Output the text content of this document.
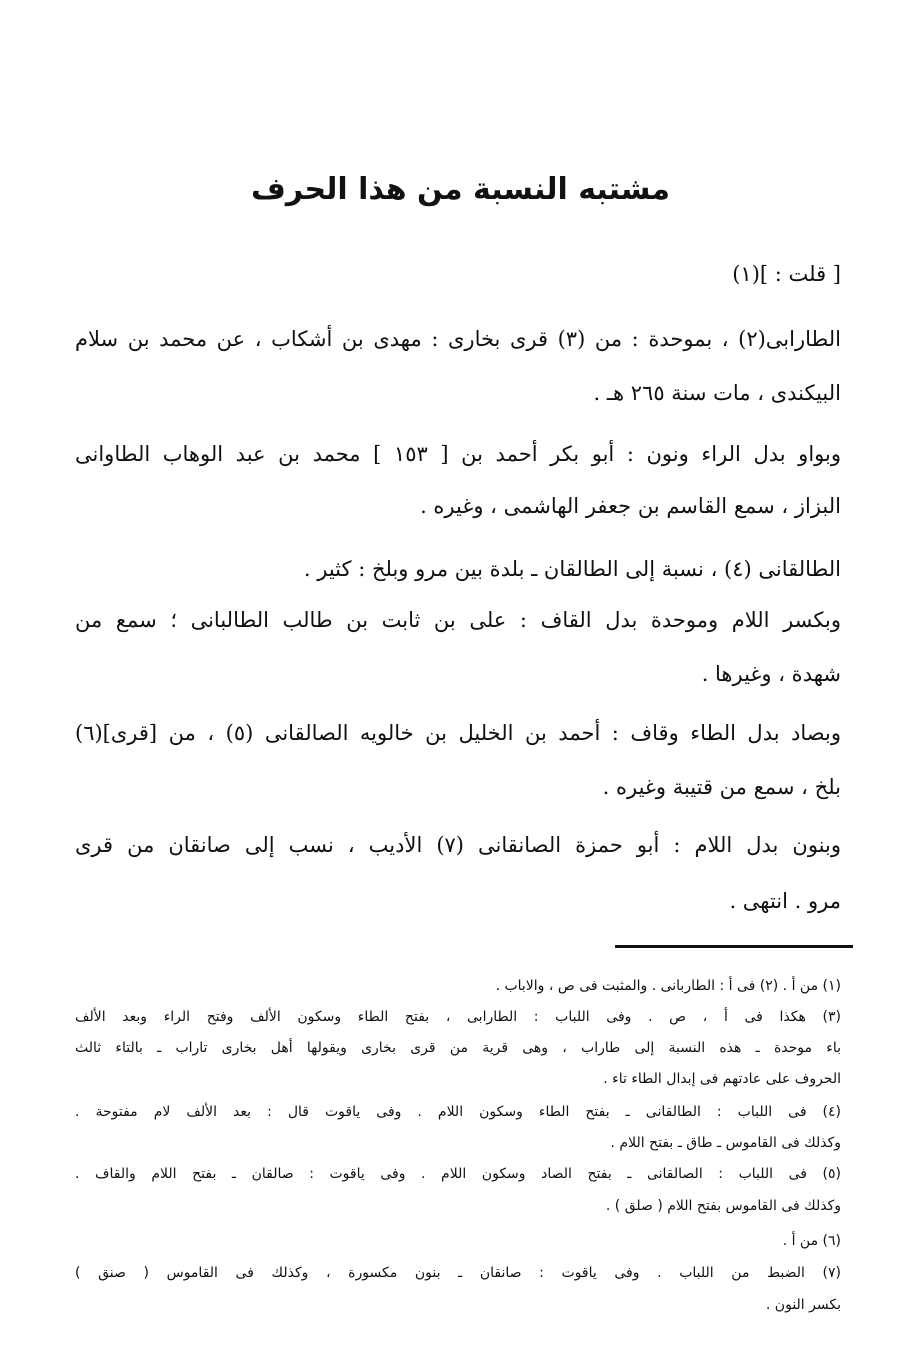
مشتبه النسبة من هذا الحرف
[ قلت : ](١)
الطارابى(٢) ، بموحدة : من (٣) قرى بخارى : مهدى بن أشكاب ، عن محمد بن سلام
البيكندى ، مات سنة ٢٦٥ هـ .
وبواو بدل الراء ونون : أبو بكر أحمد بن [ ١٥٣ ] محمد بن عبد الوهاب الطاوانى
البزاز ، سمع القاسم بن جعفر الهاشمى ، وغيره .
الطالقانى (٤) ، نسبة إلى الطالقان ـ بلدة بين مرو وبلخ : كثير .
وبكسر اللام وموحدة بدل القاف : على بن ثابت بن طالب الطالبانى ؛ سمع من
شهدة ، وغيرها .
وبصاد بدل الطاء وقاف : أحمد بن الخليل بن خالويه الصالقانى (٥) ، من [قرى](٦)
بلخ ، سمع من قتيبة وغيره .
وبنون بدل اللام : أبو حمزة الصانقانى (٧) الأديب ، نسب إلى صانقان من قرى
مرو . انتهى .
(١) من أ . (٢) فى أ : الطاربانى . والمثبت فى ص ، والاباب .
(٣) هكذا فى أ ، ص . وفى اللباب : الطارابى ، بفتح الطاء وسكون الألف وفتح الراء وبعد الألف
باء موحدة ـ هذه النسبة إلى طاراب ، وهى قرية من قرى بخارى ويقولها أهل بخارى تاراب ـ بالتاء ثالث
الحروف على عادتهم فى إبدال الطاء تاء .
(٤) فى اللباب : الطالقانى ـ بفتح الطاء وسكون اللام . وفى ياقوت قال : بعد الألف لام مفتوحة .
وكذلك فى القاموس ـ طاق ـ بفتح اللام .
(٥) فى اللباب : الصالقانى ـ بفتح الصاد وسكون اللام . وفى ياقوت : صالقان ـ بفتح اللام والقاف .
وكذلك فى القاموس بفتح اللام ( صلق ) .
(٦) من أ .
(٧) الضبط من اللباب . وفى ياقوت : صانقان ـ بنون مكسورة ، وكذلك فى القاموس ( صنق )
بكسر النون .
